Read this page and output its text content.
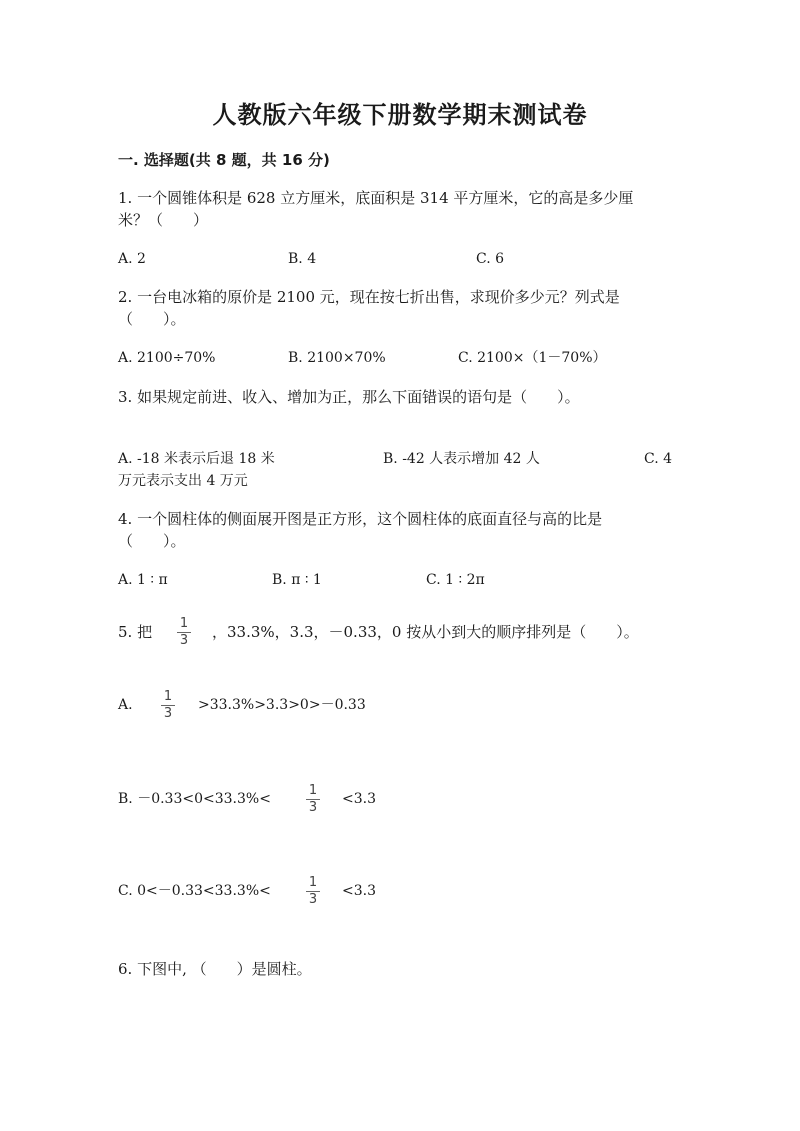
人教版六年级下册数学期末测试卷
一. 选择题(共 8 题，共 16 分)
1. 一个圆锥体积是 628 立方厘米，底面积是 314 平方厘米，它的高是多少厘
米？（　　）
A. 2	B. 4	C. 6
2. 一台电冰箱的原价是 2100 元，现在按七折出售，求现价多少元？列式是
（　　）。
A. 2100÷70%	B. 2100×70%	C. 2100×（1－70%）
3. 如果规定前进、收入、增加为正，那么下面错误的语句是（　　）。
A. -18 米表示后退 18 米	B. -42 人表示增加 42 人	C. 4
万元表示支出 4 万元
4. 一个圆柱体的侧面展开图是正方形，这个圆柱体的底面直径与高的比是
（　　）。
A. 1 ∶ π	B. π ∶ 1	C. 1 ∶ 2π
5. 把 1
3 ，33.3%，3.3，－0.33，0 按从小到大的顺序排列是（　　）。
A.
1
3
>33.3%>3.3>0>－0.33
B. －0.33<0<33.3%<
1
3
<3.3
C. 0<－0.33<33.3%<
1
3
<3.3
6. 下图中, （　　）是圆柱。
